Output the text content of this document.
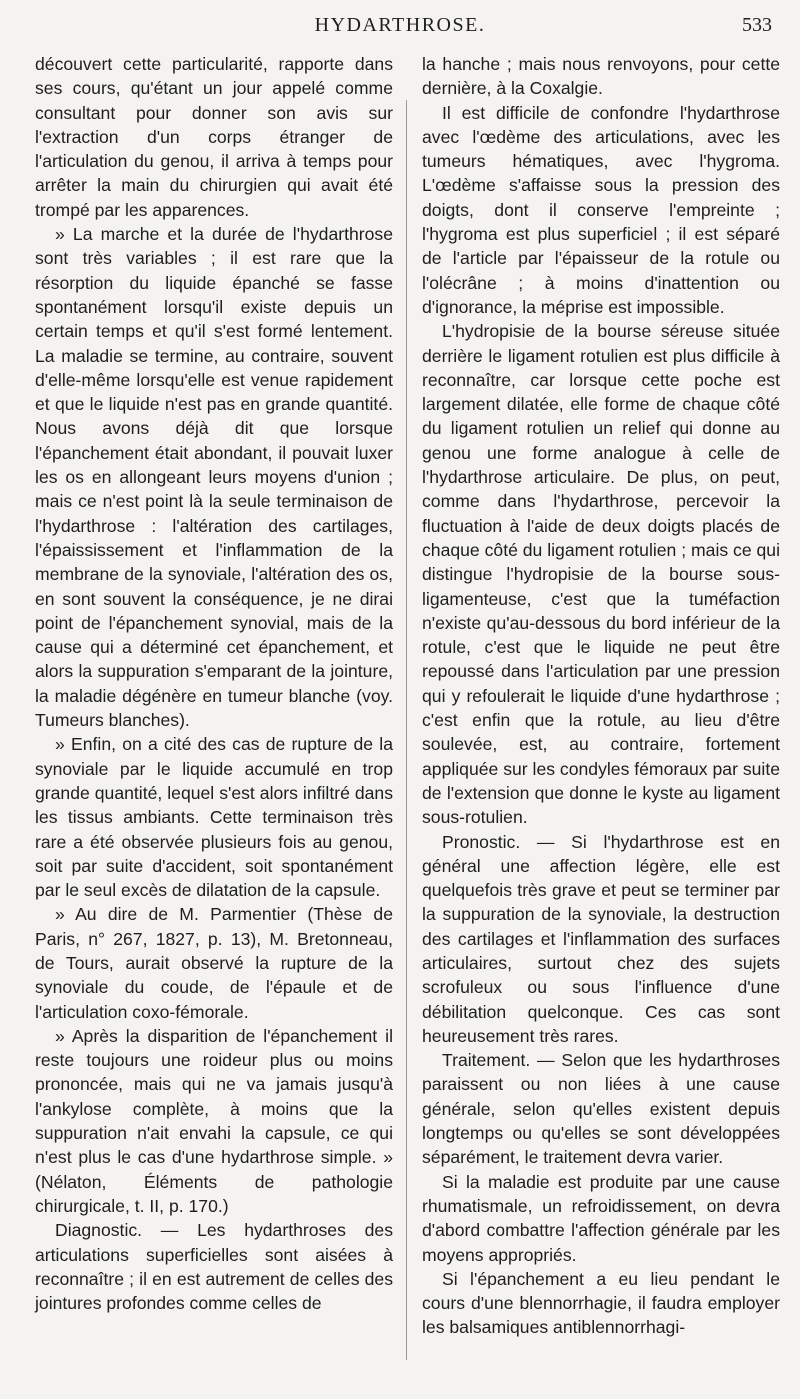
HYDARTHROSE.	533

découvert cette particularité, rapporte dans ses cours, qu'étant un jour appelé comme consultant pour donner son avis sur l'extraction d'un corps étranger de l'articulation du genou, il arriva à temps pour arrêter la main du chirurgien qui avait été trompé par les apparences.

» La marche et la durée de l'hydarthrose sont très variables ; il est rare que la résorption du liquide épanché se fasse spontanément lorsqu'il existe depuis un certain temps et qu'il s'est formé lentement. La maladie se termine, au contraire, souvent d'elle-même lorsqu'elle est venue rapidement et que le liquide n'est pas en grande quantité. Nous avons déjà dit que lorsque l'épanchement était abondant, il pouvait luxer les os en allongeant leurs moyens d'union ; mais ce n'est point là la seule terminaison de l'hydarthrose : l'altération des cartilages, l'épaississement et l'inflammation de la membrane de la synoviale, l'altération des os, en sont souvent la conséquence, je ne dirai point de l'épanchement synovial, mais de la cause qui a déterminé cet épanchement, et alors la suppuration s'emparant de la jointure, la maladie dégénère en tumeur blanche (voy. Tumeurs blanches).

» Enfin, on a cité des cas de rupture de la synoviale par le liquide accumulé en trop grande quantité, lequel s'est alors infiltré dans les tissus ambiants. Cette terminaison très rare a été observée plusieurs fois au genou, soit par suite d'accident, soit spontanément par le seul excès de dilatation de la capsule.

» Au dire de M. Parmentier (Thèse de Paris, n° 267, 1827, p. 13), M. Bretonneau, de Tours, aurait observé la rupture de la synoviale du coude, de l'épaule et de l'articulation coxo-fémorale.

» Après la disparition de l'épanchement il reste toujours une roideur plus ou moins prononcée, mais qui ne va jamais jusqu'à l'ankylose complète, à moins que la suppuration n'ait envahi la capsule, ce qui n'est plus le cas d'une hydarthrose simple. » (Nélaton, Éléments de pathologie chirurgicale, t. II, p. 170.)

Diagnostic. — Les hydarthroses des articulations superficielles sont aisées à reconnaître ; il en est autrement de celles des jointures profondes comme celles de

la hanche ; mais nous renvoyons, pour cette dernière, à la Coxalgie.

Il est difficile de confondre l'hydarthrose avec l'œdème des articulations, avec les tumeurs hématiques, avec l'hygroma. L'œdème s'affaisse sous la pression des doigts, dont il conserve l'empreinte ; l'hygroma est plus superficiel ; il est séparé de l'article par l'épaisseur de la rotule ou l'olécrâne ; à moins d'inattention ou d'ignorance, la méprise est impossible.

L'hydropisie de la bourse séreuse située derrière le ligament rotulien est plus difficile à reconnaître, car lorsque cette poche est largement dilatée, elle forme de chaque côté du ligament rotulien un relief qui donne au genou une forme analogue à celle de l'hydarthrose articulaire. De plus, on peut, comme dans l'hydarthrose, percevoir la fluctuation à l'aide de deux doigts placés de chaque côté du ligament rotulien ; mais ce qui distingue l'hydropisie de la bourse sous-ligamenteuse, c'est que la tuméfaction n'existe qu'au-dessous du bord inférieur de la rotule, c'est que le liquide ne peut être repoussé dans l'articulation par une pression qui y refoulerait le liquide d'une hydarthrose ; c'est enfin que la rotule, au lieu d'être soulevée, est, au contraire, fortement appliquée sur les condyles fémoraux par suite de l'extension que donne le kyste au ligament sous-rotulien.

Pronostic. — Si l'hydarthrose est en général une affection légère, elle est quelquefois très grave et peut se terminer par la suppuration de la synoviale, la destruction des cartilages et l'inflammation des surfaces articulaires, surtout chez des sujets scrofuleux ou sous l'influence d'une débilitation quelconque. Ces cas sont heureusement très rares.

Traitement. — Selon que les hydarthroses paraissent ou non liées à une cause générale, selon qu'elles existent depuis longtemps ou qu'elles se sont développées séparément, le traitement devra varier.

Si la maladie est produite par une cause rhumatismale, un refroidissement, on devra d'abord combattre l'affection générale par les moyens appropriés.

Si l'épanchement a eu lieu pendant le cours d'une blennorrhagie, il faudra employer les balsamiques antiblennorrhagi-
